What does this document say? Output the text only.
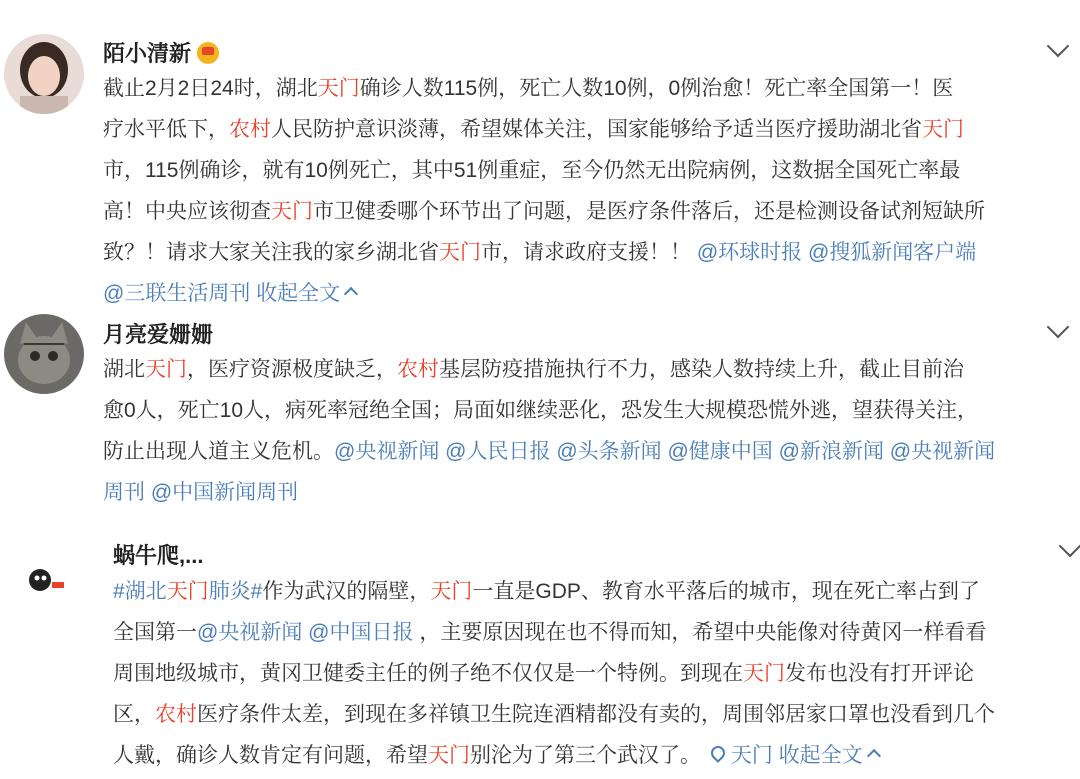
陌小清新
截止2月2日24时，湖北天门确诊人数115例，死亡人数10例，0例治愈！死亡率全国第一！医
疗水平低下，农村人民防护意识淡薄，希望媒体关注，国家能够给予适当医疗援助湖北省天门
市，115例确诊，就有10例死亡，其中51例重症，至今仍然无出院病例，这数据全国死亡率最
高！中央应该彻查天门市卫健委哪个环节出了问题，是医疗条件落后，还是检测设备试剂短缺所
致？！请求大家关注我的家乡湖北省天门市，请求政府支援！！ @环球时报 @搜狐新闻客户端
@三联生活周刊 收起全文
月亮爱姗姗
湖北天门，医疗资源极度缺乏，农村基层防疫措施执行不力，感染人数持续上升，截止目前治
愈0人，死亡10人，病死率冠绝全国；局面如继续恶化，恐发生大规模恐慌外逃，望获得关注，
防止出现人道主义危机。@央视新闻 @人民日报 @头条新闻 @健康中国 @新浪新闻 @央视新闻
周刊 @中国新闻周刊
蜗牛爬,...
#湖北天门肺炎#作为武汉的隔壁，天门一直是GDP、教育水平落后的城市，现在死亡率占到了
全国第一@央视新闻 @中国日报 ，主要原因现在也不得而知，希望中央能像对待黄冈一样看看
周围地级城市，黄冈卫健委主任的例子绝不仅仅是一个特例。到现在天门发布也没有打开评论
区，农村医疗条件太差，到现在多祥镇卫生院连酒精都没有卖的，周围邻居家口罩也没看到几个
人戴，确诊人数肯定有问题，希望天门别沦为了第三个武汉了。 天门 收起全文
